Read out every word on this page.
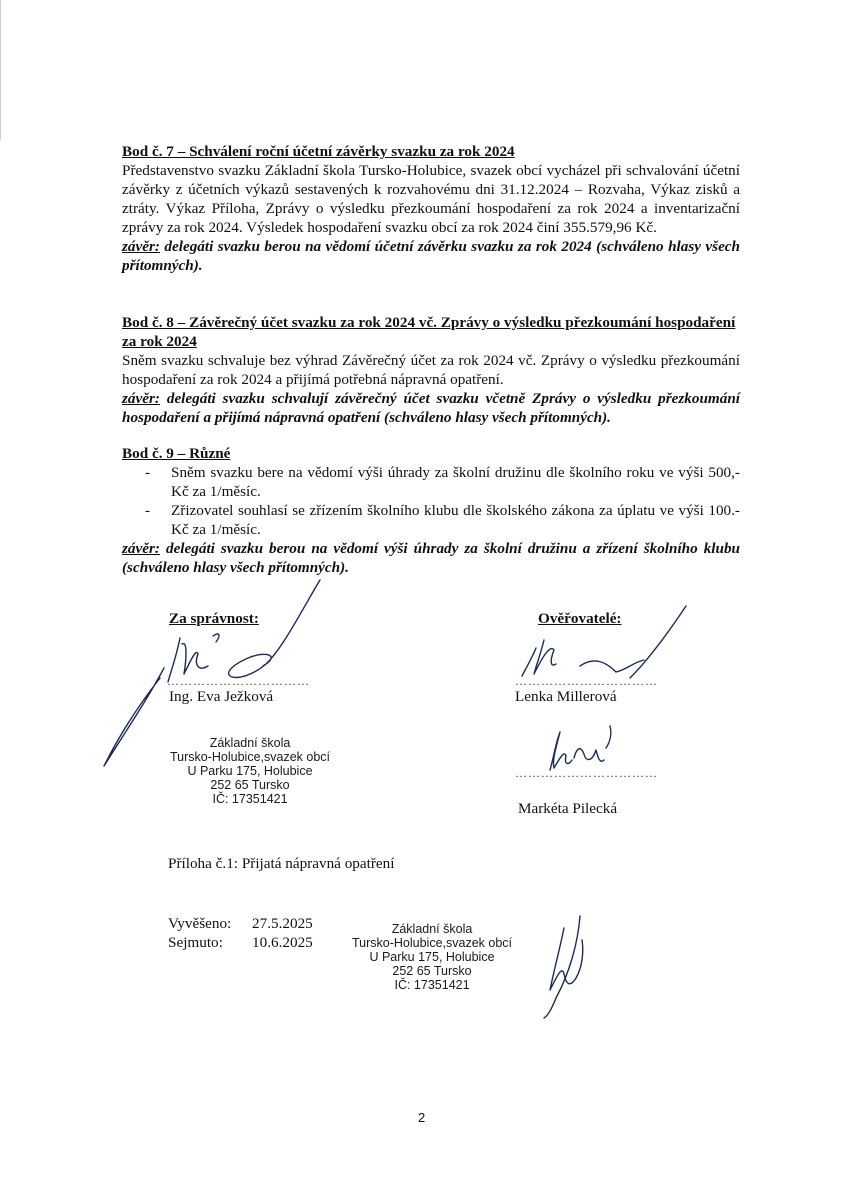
Bod č. 7 – Schválení roční účetní závěrky svazku za rok 2024

Představenstvo svazku Základní škola Tursko-Holubice, svazek obcí vycházel při schvalování účetní závěrky z účetních výkazů sestavených k rozvahovému dni 31.12.2024 – Rozvaha, Výkaz zisků a ztráty. Výkaz Příloha, Zprávy o výsledku přezkoumání hospodaření za rok 2024 a inventarizační zprávy za rok 2024. Výsledek hospodaření svazku obcí za rok 2024 činí 355.579,96 Kč.

závěr: delegáti svazku berou na vědomí účetní závěrku svazku za rok 2024 (schváleno hlasy všech přítomných).

Bod č. 8 – Závěrečný účet svazku za rok 2024 vč. Zprávy o výsledku přezkoumání hospodaření za rok 2024

Sněm svazku schvaluje bez výhrad Závěrečný účet za rok 2024 vč. Zprávy o výsledku přezkoumání hospodaření za rok 2024 a přijímá potřebná nápravná opatření.

závěr: delegáti svazku schvalují závěrečný účet svazku včetně Zprávy o výsledku přezkoumání hospodaření a přijímá nápravná opatření (schváleno hlasy všech přítomných).

Bod č. 9 – Různé

- Sněm svazku bere na vědomí výši úhrady za školní družinu dle školního roku ve výši 500,-Kč za 1/měsíc.
- Zřizovatel souhlasí se zřízením školního klubu dle školského zákona za úplatu ve výši 100.-Kč za 1/měsíc.

závěr: delegáti svazku berou na vědomí výši úhrady za školní družinu a zřízení školního klubu (schváleno hlasy všech přítomných).

Za správnost:
……………………………
Ing. Eva Ježková
Ověřovatelé:
……………………………
Lenka Millerová
……………………………
Markéta Pilecká
Základní škola
Tursko-Holubice,svazek obcí
U Parku 175, Holubice
252 65 Tursko
IČ: 17351421
Příloha č.1: Přijatá nápravná opatření
Vyvěšeno:	27.5.2025
Sejmuto:	10.6.2025
Základní škola
Tursko-Holubice,svazek obcí
U Parku 175, Holubice
252 65 Tursko
IČ: 17351421
2
